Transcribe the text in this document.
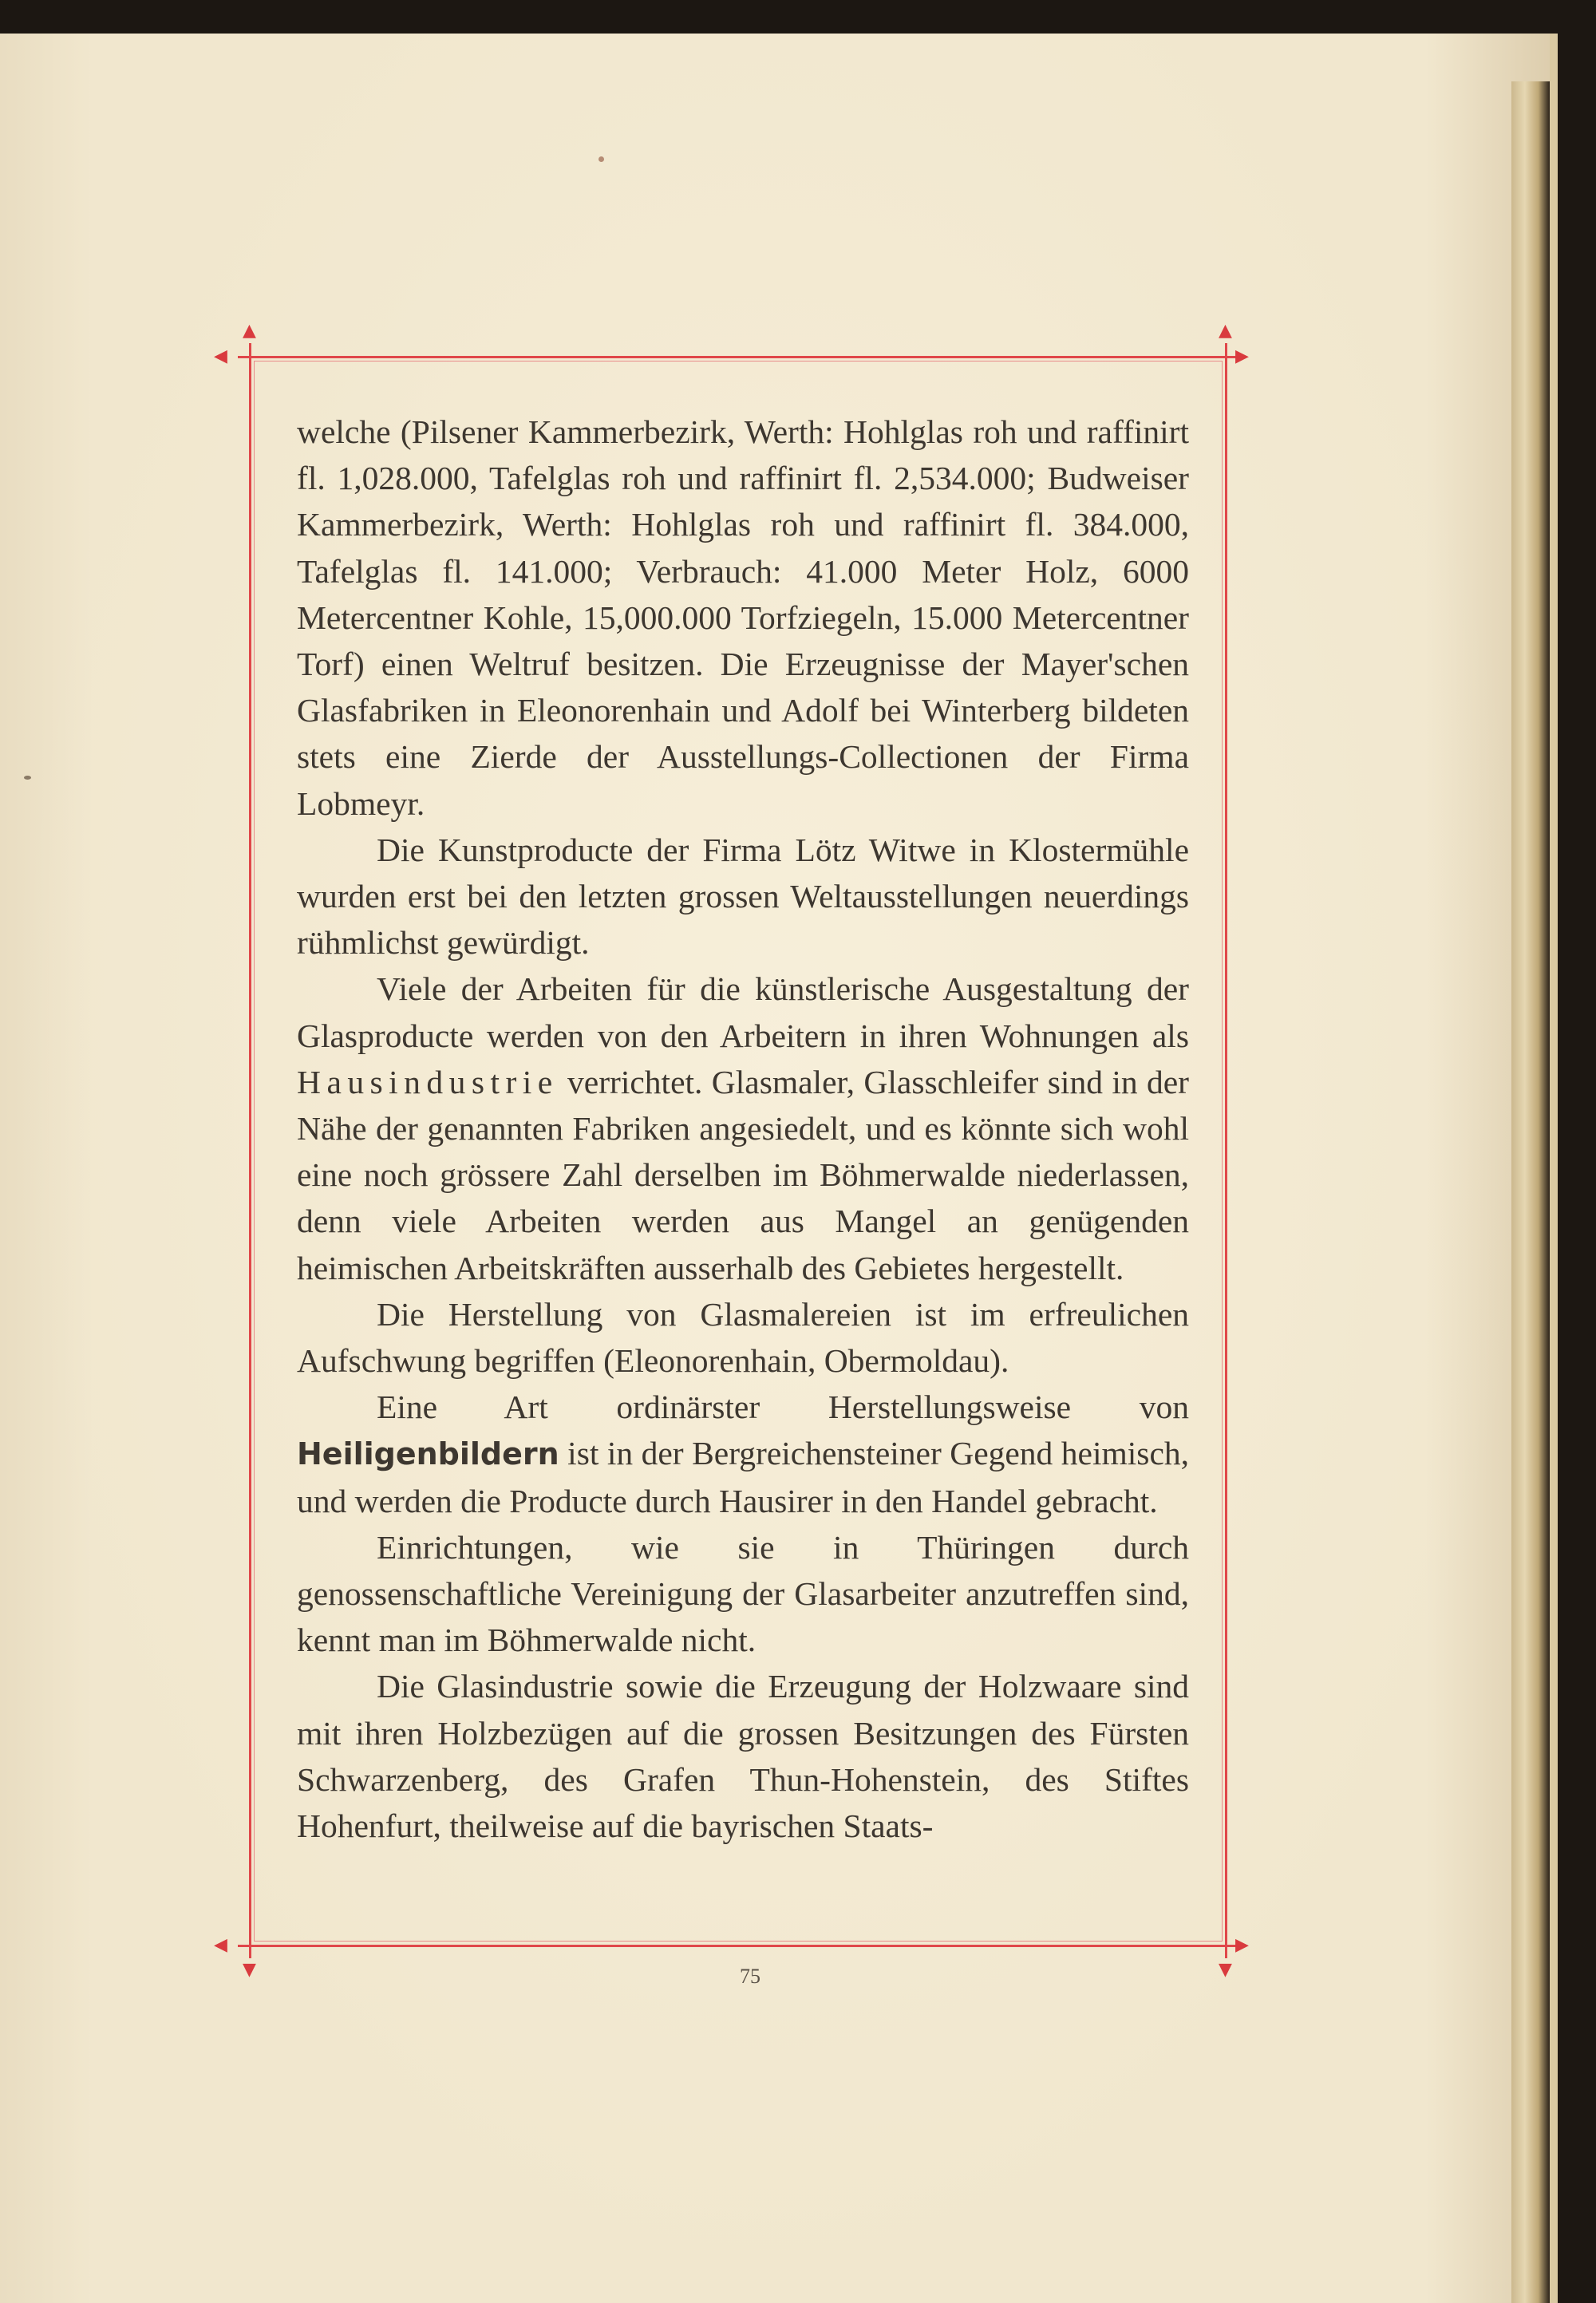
▲	▲
◀	▶
▼	▼
◀	▶

welche (Pilsener Kammerbezirk, Werth: Hohlglas roh und raffinirt fl. 1,028.000, Tafelglas roh und raffinirt fl. 2,534.000; Budweiser Kammerbezirk, Werth: Hohlglas roh und raffinirt fl. 384.000, Tafelglas fl. 141.000; Verbrauch: 41.000 Meter Holz, 6000 Metercentner Kohle, 15,000.000 Torfziegeln, 15.000 Metercentner Torf) einen Weltruf besitzen. Die Erzeugnisse der Mayer'schen Glasfabriken in Eleonorenhain und Adolf bei Winterberg bildeten stets eine Zierde der Ausstellungs-Collectionen der Firma Lobmeyr.

Die Kunstproducte der Firma Lötz Witwe in Klostermühle wurden erst bei den letzten grossen Weltausstellungen neuerdings rühmlichst gewürdigt.

Viele der Arbeiten für die künstlerische Ausgestaltung der Glasproducte werden von den Arbeitern in ihren Wohnungen als Hausindustrie verrichtet. Glasmaler, Glasschleifer sind in der Nähe der genannten Fabriken angesiedelt, und es könnte sich wohl eine noch grössere Zahl derselben im Böhmerwalde niederlassen, denn viele Arbeiten werden aus Mangel an genügenden heimischen Arbeitskräften ausserhalb des Gebietes hergestellt.

Die Herstellung von Glasmalereien ist im erfreulichen Aufschwung begriffen (Eleonorenhain, Obermoldau).

Eine Art ordinärster Herstellungsweise von Heiligenbildern ist in der Bergreichensteiner Gegend heimisch, und werden die Producte durch Hausirer in den Handel gebracht.

Einrichtungen, wie sie in Thüringen durch genossenschaftliche Vereinigung der Glasarbeiter anzutreffen sind, kennt man im Böhmerwalde nicht.

Die Glasindustrie sowie die Erzeugung der Holzwaare sind mit ihren Holzbezügen auf die grossen Besitzungen des Fürsten Schwarzenberg, des Grafen Thun-Hohenstein, des Stiftes Hohenfurt, theilweise auf die bayrischen Staats-

75
